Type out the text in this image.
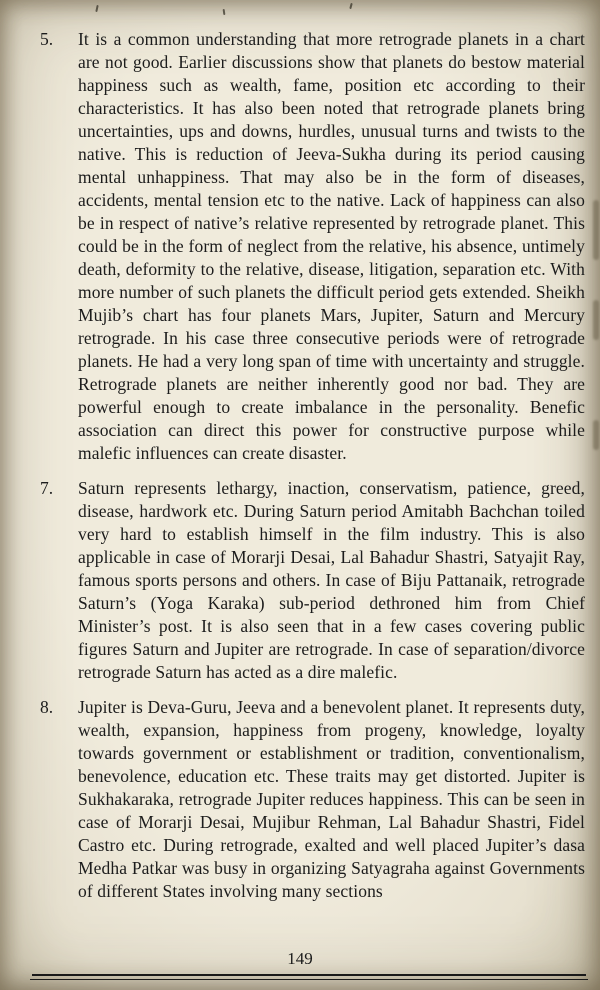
5.	It is a common understanding that more retrograde planets in a chart are not good. Earlier discussions show that planets do bestow material happiness such as wealth, fame, position etc according to their characteristics. It has also been noted that retrograde planets bring uncertainties, ups and downs, hurdles, unusual turns and twists to the native. This is reduction of Jeeva-Sukha during its period causing mental unhappiness. That may also be in the form of diseases, accidents, mental tension etc to the native. Lack of happiness can also be in respect of native’s relative represented by retrograde planet. This could be in the form of neglect from the relative, his absence, untimely death, deformity to the relative, disease, litigation, separation etc. With more number of such planets the difficult period gets extended. Sheikh Mujib’s chart has four planets Mars, Jupiter, Saturn and Mercury retrograde. In his case three consecutive periods were of retrograde planets. He had a very long span of time with uncertainty and struggle. Retrograde planets are neither inherently good nor bad. They are powerful enough to create imbalance in the personality. Benefic association can direct this power for constructive purpose while malefic influences can create disaster.
7.	Saturn represents lethargy, inaction, conservatism, patience, greed, disease, hardwork etc. During Saturn period Amitabh Bachchan toiled very hard to establish himself in the film industry. This is also applicable in case of Morarji Desai, Lal Bahadur Shastri, Satyajit Ray, famous sports persons and others. In case of Biju Pattanaik, retrograde Saturn’s (Yoga Karaka) sub-period dethroned him from Chief Minister’s post. It is also seen that in a few cases covering public figures Saturn and Jupiter are retrograde. In case of separation/divorce retrograde Saturn has acted as a dire malefic.
8.	Jupiter is Deva-Guru, Jeeva and a benevolent planet. It represents duty, wealth, expansion, happiness from progeny, knowledge, loyalty towards government or establishment or tradition, conventionalism, benevolence, education etc. These traits may get distorted. Jupiter is Sukhakaraka, retrograde Jupiter reduces happiness. This can be seen in case of Morarji Desai, Mujibur Rehman, Lal Bahadur Shastri, Fidel Castro etc. During retrograde, exalted and well placed Jupiter’s dasa Medha Patkar was busy in organizing Satyagraha against Governments of different States involving many sections
149
